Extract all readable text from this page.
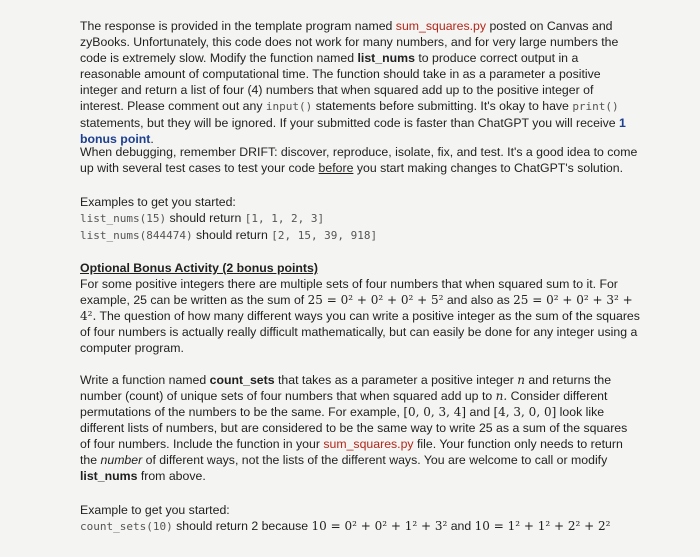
The response is provided in the template program named sum_squares.py posted on Canvas and zyBooks. Unfortunately, this code does not work for many numbers, and for very large numbers the code is extremely slow. Modify the function named list_nums to produce correct output in a reasonable amount of computational time. The function should take in as a parameter a positive integer and return a list of four (4) numbers that when squared add up to the positive integer of interest. Please comment out any input() statements before submitting. It's okay to have print() statements, but they will be ignored. If your submitted code is faster than ChatGPT you will receive 1 bonus point.

When debugging, remember DRIFT: discover, reproduce, isolate, fix, and test. It's a good idea to come up with several test cases to test your code before you start making changes to ChatGPT's solution.

Examples to get you started:
list_nums(15) should return [1, 1, 2, 3]
list_nums(844474) should return [2, 15, 39, 918]

Optional Bonus Activity (2 bonus points)

For some positive integers there are multiple sets of four numbers that when squared sum to it. For example, 25 can be written as the sum of 25 = 0² + 0² + 0² + 5² and also as 25 = 0² + 0² + 3² + 4². The question of how many different ways you can write a positive integer as the sum of the squares of four numbers is actually really difficult mathematically, but can easily be done for any integer using a computer program.

Write a function named count_sets that takes as a parameter a positive integer n and returns the number (count) of unique sets of four numbers that when squared add up to n. Consider different permutations of the numbers to be the same. For example, [0, 0, 3, 4] and [4, 3, 0, 0] look like different lists of numbers, but are considered to be the same way to write 25 as a sum of the squares of four numbers. Include the function in your sum_squares.py file. Your function only needs to return the number of different ways, not the lists of the different ways. You are welcome to call or modify list_nums from above.

Example to get you started:
count_sets(10) should return 2 because 10 = 0² + 0² + 1² + 3² and 10 = 1² + 1² + 2² + 2²
